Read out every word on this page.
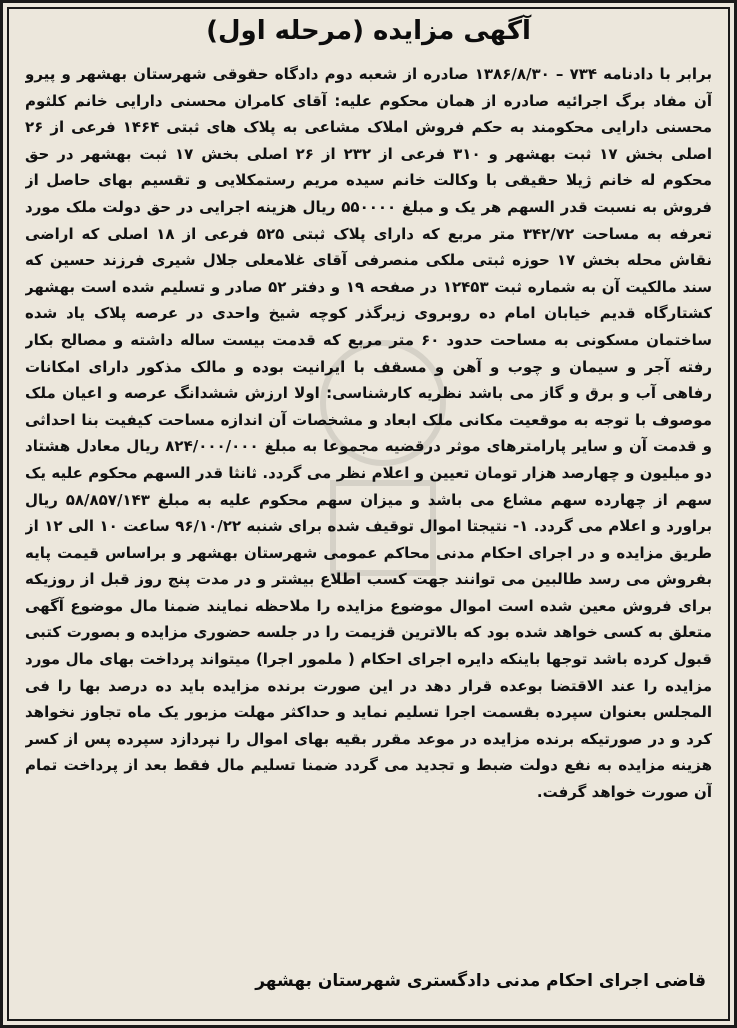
آگهی مزایده (مرحله اول)
برابر با دادنامه ۷۳۴ – ۱۳۸۶/۸/۳۰ صادره از شعبه دوم دادگاه حقوقی شهرستان بهشهر و پیرو آن مفاد برگ اجرائیه صادره از همان محکوم علیه: آقای کامران محسنی دارایی خانم کلثوم محسنی دارایی محکومند به حکم فروش املاک مشاعی به پلاک های ثبتی ۱۴۶۴ فرعی از ۲۶ اصلی بخش ۱۷ ثبت بهشهر و ۳۱۰ فرعی از ۲۳۲ از ۲۶ اصلی بخش ۱۷ ثبت بهشهر در حق محکوم له خانم ژیلا حقیقی با وکالت خانم سیده مریم رستمکلایی و تقسیم بهای حاصل از فروش به نسبت قدر السهم هر یک و مبلغ ۵۵۰۰۰۰ ریال هزینه اجرایی در حق دولت ملک مورد تعرفه به مساحت ۳۴۲/۷۲ متر مربع که دارای پلاک ثبتی ۵۲۵ فرعی از ۱۸ اصلی که اراضی نقاش محله بخش ۱۷ حوزه ثبتی ملکی منصرفی آقای غلامعلی جلال شیری فرزند حسین که سند مالکیت آن به شماره ثبت ۱۲۴۵۳ در صفحه ۱۹ و دفتر ۵۲ صادر و تسلیم شده است بهشهر کشتارگاه قدیم خیابان امام ده روبروی زیرگذر کوچه شیخ واحدی در عرصه پلاک یاد شده ساختمان مسکونی به مساحت حدود ۶۰ متر مربع که قدمت بیست ساله داشته و مصالح بکار رفته آجر و سیمان و چوب و آهن و مسقف با ایرانیت بوده و مالک مذکور دارای امکانات رفاهی آب و برق و گاز می باشد نظریه کارشناسی: اولا ارزش ششدانگ عرصه و اعیان ملک موصوف با توجه به موقعیت مکانی ملک ابعاد و مشخصات آن اندازه مساحت کیفیت بنا احداثی و قدمت آن و سایر پارامترهای موثر درقضیه مجموعا به مبلغ ۸۲۴/۰۰۰/۰۰۰ ریال معادل هشتاد دو میلیون و چهارصد هزار تومان تعیین و اعلام نظر می گردد. ثانثا قدر السهم محکوم علیه یک سهم از چهارده سهم مشاع می باشد و میزان سهم محکوم علیه به مبلغ ۵۸/۸۵۷/۱۴۳ ریال براورد و اعلام می گردد. ۱- نتیجتا اموال توقیف شده برای شنبه ۹۶/۱۰/۲۲ ساعت ۱۰ الی ۱۲ از طریق مزایده و در اجرای احکام مدنی محاکم عمومی شهرستان بهشهر و براساس قیمت پایه بفروش می رسد طالبین می توانند جهت کسب اطلاع بیشتر و در مدت پنج روز قبل از روزیکه برای فروش معین شده است اموال موضوع مزایده را ملاحظه نمایند ضمنا مال موضوع آگهی متعلق به کسی خواهد شده بود که بالاترین قزیمت را در جلسه حضوری مزایده و بصورت کتبی قبول کرده باشد توجها باینکه دایره اجرای احکام ( ملمور اجرا) میتواند پرداخت بهای مال مورد مزایده را عند الاقتضا بوعده قرار دهد در این صورت برنده مزایده باید ده درصد بها را فی المجلس بعنوان سپرده بقسمت اجرا تسلیم نماید و حداکثر مهلت مزبور یک ماه تجاوز نخواهد کرد و در صورتیکه برنده مزایده در موعد مقرر بقیه بهای اموال را نپردازد سپرده پس از کسر هزینه مزایده به نفع دولت ضبط و تجدید می گردد ضمنا تسلیم مال فقط بعد از پرداخت تمام آن صورت خواهد گرفت.
قاضی اجرای احکام مدنی دادگستری شهرستان بهشهر
